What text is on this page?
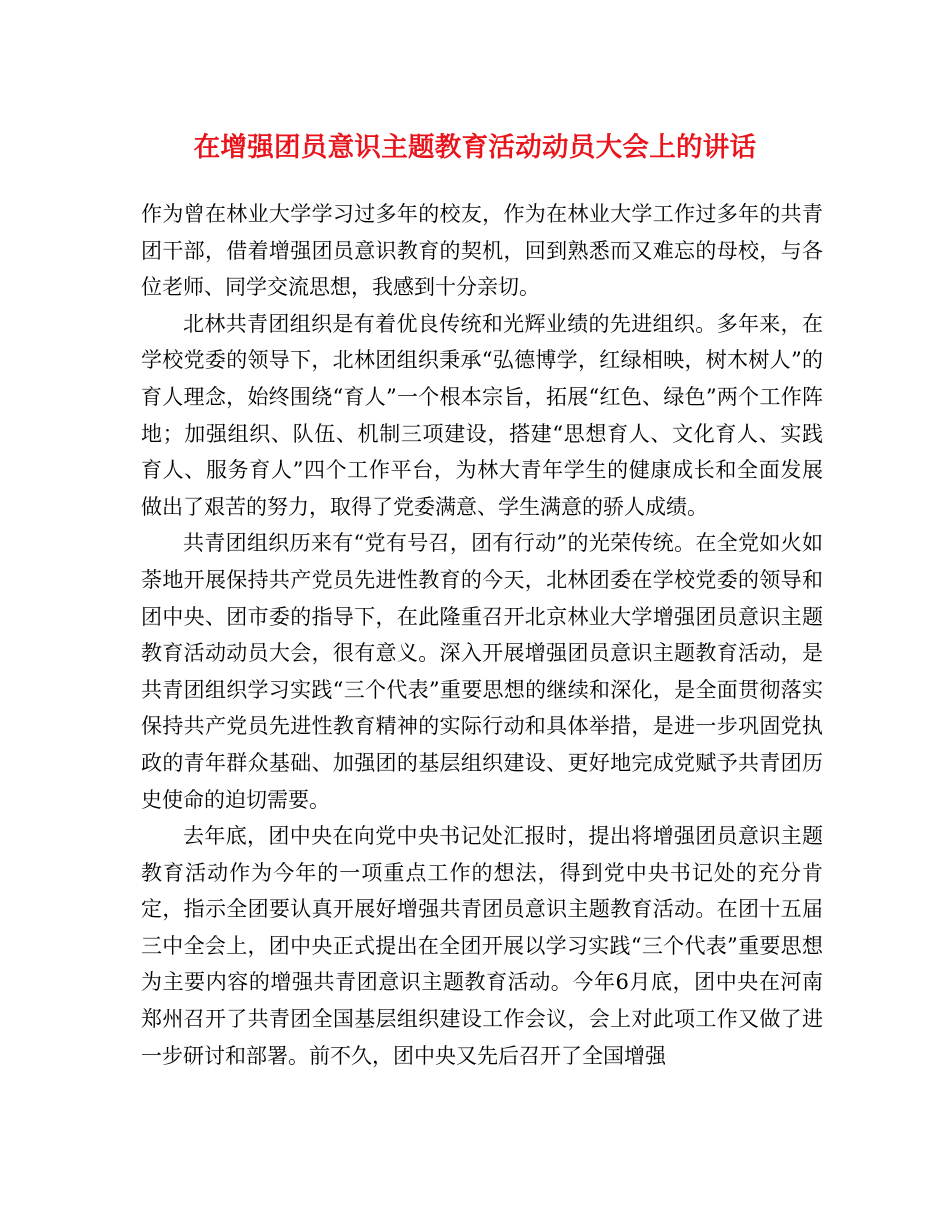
在增强团员意识主题教育活动动员大会上的讲话

作为曾在林业大学学习过多年的校友，作为在林业大学工作过多年的共青团干部，借着增强团员意识教育的契机，回到熟悉而又难忘的母校，与各位老师、同学交流思想，我感到十分亲切。

北林共青团组织是有着优良传统和光辉业绩的先进组织。多年来，在学校党委的领导下，北林团组织秉承“弘德博学，红绿相映，树木树人”的育人理念，始终围绕“育人”一个根本宗旨，拓展“红色、绿色”两个工作阵地；加强组织、队伍、机制三项建设，搭建“思想育人、文化育人、实践育人、服务育人”四个工作平台，为林大青年学生的健康成长和全面发展做出了艰苦的努力，取得了党委满意、学生满意的骄人成绩。

共青团组织历来有“党有号召，团有行动”的光荣传统。在全党如火如荼地开展保持共产党员先进性教育的今天，北林团委在学校党委的领导和团中央、团市委的指导下，在此隆重召开北京林业大学增强团员意识主题教育活动动员大会，很有意义。深入开展增强团员意识主题教育活动，是共青团组织学习实践“三个代表”重要思想的继续和深化，是全面贯彻落实保持共产党员先进性教育精神的实际行动和具体举措，是进一步巩固党执政的青年群众基础、加强团的基层组织建设、更好地完成党赋予共青团历史使命的迫切需要。

去年底，团中央在向党中央书记处汇报时，提出将增强团员意识主题教育活动作为今年的一项重点工作的想法，得到党中央书记处的充分肯定，指示全团要认真开展好增强共青团员意识主题教育活动。在团十五届三中全会上，团中央正式提出在全团开展以学习实践“三个代表”重要思想为主要内容的增强共青团意识主题教育活动。今年6月底，团中央在河南郑州召开了共青团全国基层组织建设工作会议，会上对此项工作又做了进一步研讨和部署。前不久，团中央又先后召开了全国增强
